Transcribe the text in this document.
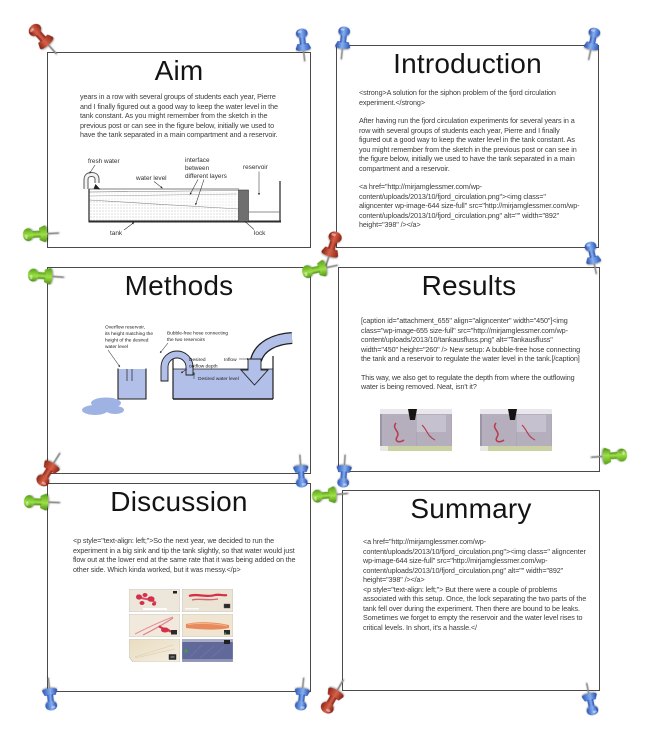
Aim

years in a row with several groups of students each year, Pierre and I finally figured out a good way to keep the water level in the tank constant. As you might remember from the sketch in the previous post or can see in the figure below, initially we used to have the tank separated in a main compartment and a reservoir.

fresh water
water level
interface
between
different layers
reservoir
tank	lock
Introduction

<strong>A solution for the siphon problem of the fjord circulation experiment.</strong>

After having run the fjord circulation experiments for several years in a row with several groups of students each year, Pierre and I finally figured out a good way to keep the water level in the tank constant. As you might remember from the sketch in the previous post or can see in the figure below, initially we used to have the tank separated in a main compartment and a reservoir.

<a href="http://mirjamglessmer.com/wp-content/uploads/2013/10/fjord_circulation.png"><img class=" aligncenter wp-image-644 size-full" src="http://mirjamglessmer.com/wp-content/uploads/2013/10/fjord_circulation.png" alt="" width="892" height="398" /></a>

Methods
Overflow reservoir,
its height matching the
height of the desired
water level
Bubble-free hose connecting
the two reservoirs
Desired
outflow depth
Inflow
Desired water level
Results

[caption id="attachment_655" align="aligncenter" width="450"]<img class="wp-image-655 size-full" src="http://mirjamglessmer.com/wp-content/uploads/2013/10/tankausfluss.png" alt="Tankausfluss" width="450" height="260" /> New setup: A bubble-free hose connecting the tank and a reservoir to regulate the water level in the tank.[/caption]

This way, we also get to regulate the depth from where the outflowing water is being removed. Neat, isn't it?

Discussion

<p style="text-align: left;">So the next year, we decided to run the experiment in a big sink and tip the tank slightly, so that water would just flow out at the lower end at the same rate that it was being added on the other side. Which kinda worked, but it was messy.</p>

Summary

<a href="http://mirjamglessmer.com/wp-content/uploads/2013/10/fjord_circulation.png"><img class=" aligncenter wp-image-644 size-full" src="http://mirjamglessmer.com/wp-content/uploads/2013/10/fjord_circulation.png" alt="" width="892" height="398" /></a>

<p style="text-align: left;"> But there were a couple of problems associated with this setup. Once, the lock separating the two parts of the tank fell over during the experiment. Then there are bound to be leaks. Sometimes we forget to empty the reservoir and the water level rises to critical levels. In short, it's a hassle.</
